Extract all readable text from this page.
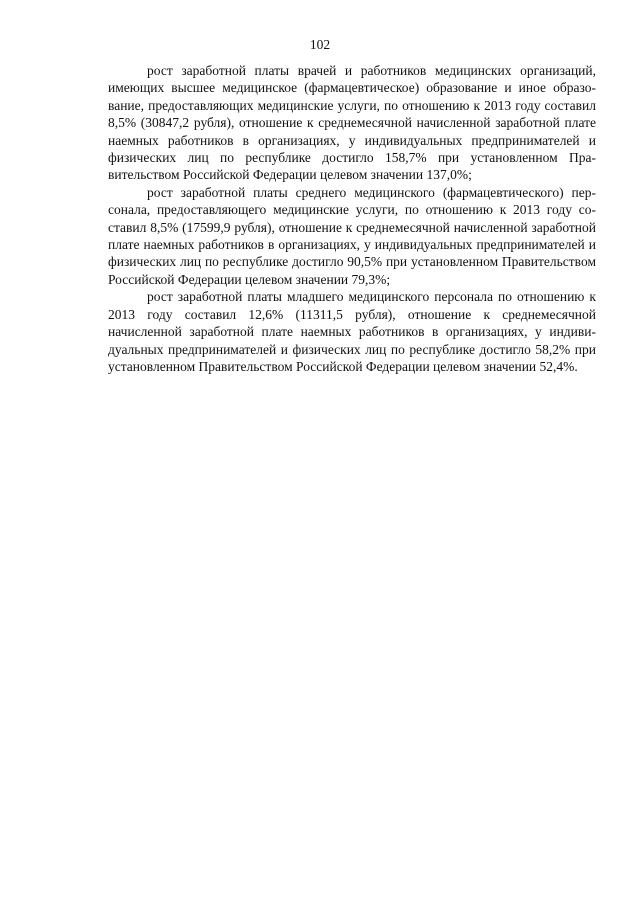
102

рост заработной платы врачей и работников медицинских организаций, имеющих высшее медицинское (фармацевтическое) образование и иное образование, предоставляющих медицинские услуги, по отношению к 2013 году составил 8,5% (30847,2 рубля), отношение к среднемесячной начисленной заработной плате наемных работников в организациях, у индивидуальных предпринимателей и физических лиц по республике достигло 158,7% при установленном Правительством Российской Федерации целевом значении 137,0%;

рост заработной платы среднего медицинского (фармацевтического) персонала, предоставляющего медицинские услуги, по отношению к 2013 году составил 8,5% (17599,9 рубля), отношение к среднемесячной начисленной заработной плате наемных работников в организациях, у индивидуальных предпринимателей и физических лиц по республике достигло 90,5% при установленном Правительством Российской Федерации целевом значении 79,3%;

рост заработной платы младшего медицинского персонала по отношению к 2013 году составил 12,6% (11311,5 рубля), отношение к среднемесячной начисленной заработной плате наемных работников в организациях, у индивидуальных предпринимателей и физических лиц по республике достигло 58,2% при установленном Правительством Российской Федерации целевом значении 52,4%.
